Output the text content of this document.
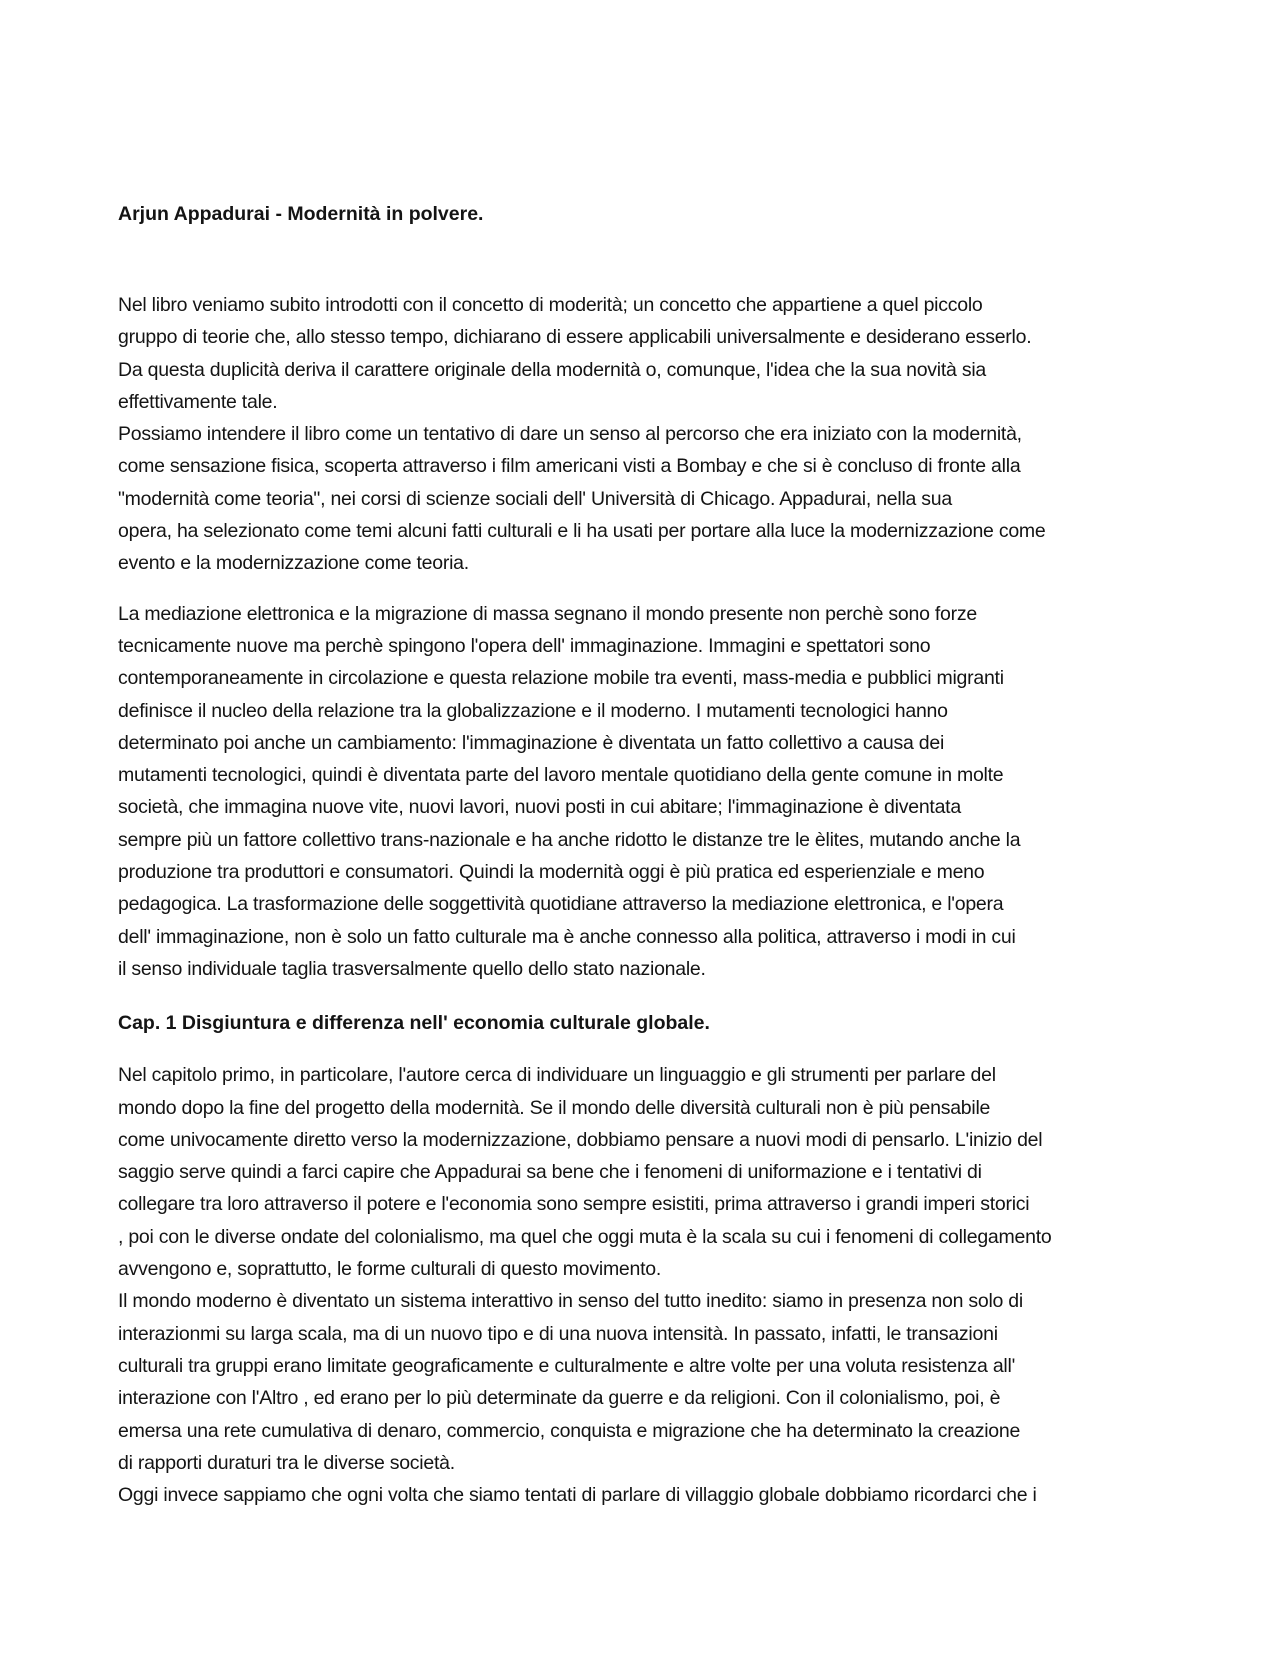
Arjun Appadurai - Modernità in polvere.

Nel libro veniamo subito introdotti con il concetto di moderità; un concetto che appartiene a quel piccolo
gruppo di teorie che, allo stesso tempo, dichiarano di essere applicabili universalmente e desiderano esserlo.
Da questa duplicità deriva il carattere originale della modernità o, comunque, l'idea che la sua novità sia
effettivamente tale.
Possiamo intendere il libro come un tentativo di dare un senso al percorso che era iniziato con la modernità,
come sensazione fisica, scoperta attraverso i film americani visti a Bombay e che si è concluso di fronte alla
"modernità come teoria", nei corsi di scienze sociali dell' Università di Chicago. Appadurai, nella sua
opera, ha selezionato come temi alcuni fatti culturali e li ha usati per portare alla luce la modernizzazione come
evento e la modernizzazione come teoria.

La mediazione elettronica e la migrazione di massa segnano il mondo presente non perchè sono forze
tecnicamente nuove ma perchè spingono l'opera dell' immaginazione. Immagini e spettatori sono
contemporaneamente in circolazione e questa relazione mobile tra eventi, mass-media e pubblici migranti
definisce il nucleo della relazione tra la globalizzazione e il moderno. I mutamenti tecnologici hanno
determinato poi anche un cambiamento: l'immaginazione è diventata un fatto collettivo a causa dei
mutamenti tecnologici, quindi è diventata parte del lavoro mentale quotidiano della gente comune in molte
società, che immagina nuove vite, nuovi lavori, nuovi posti in cui abitare; l'immaginazione è diventata
sempre più un fattore collettivo trans-nazionale e ha anche ridotto le distanze tre le èlites, mutando anche la
produzione tra produttori e consumatori. Quindi la modernità oggi è più pratica ed esperienziale e meno
pedagogica. La trasformazione delle soggettività quotidiane attraverso la mediazione elettronica, e l'opera
dell' immaginazione, non è solo un fatto culturale ma è anche connesso alla politica, attraverso i modi in cui
il senso individuale taglia trasversalmente quello dello stato nazionale.

Cap. 1 Disgiuntura e differenza nell' economia culturale globale.

Nel capitolo primo, in particolare, l'autore cerca di individuare un linguaggio e gli strumenti per parlare del
mondo dopo la fine del progetto della modernità. Se il mondo delle diversità culturali non è più pensabile
come univocamente diretto verso la modernizzazione, dobbiamo pensare a nuovi modi di pensarlo. L'inizio del
saggio serve quindi a farci capire che Appadurai sa bene che i fenomeni di uniformazione e i tentativi di
collegare tra loro attraverso il potere e l'economia sono sempre esistiti, prima attraverso i grandi imperi storici
, poi con le diverse ondate del colonialismo, ma quel che oggi muta è la scala su cui i fenomeni di collegamento
avvengono e, soprattutto, le forme culturali di questo movimento.
Il mondo moderno è diventato un sistema interattivo in senso del tutto inedito: siamo in presenza non solo di
interazionmi su larga scala, ma di un nuovo tipo e di una nuova intensità. In passato, infatti, le transazioni
culturali tra gruppi erano limitate geograficamente e culturalmente e altre volte per una voluta resistenza all'
interazione con l'Altro , ed erano per lo più determinate da guerre e da religioni. Con il colonialismo, poi, è
emersa una rete cumulativa di denaro, commercio, conquista e migrazione che ha determinato la creazione
di rapporti duraturi tra le diverse società.
Oggi invece sappiamo che ogni volta che siamo tentati di parlare di villaggio globale dobbiamo ricordarci che i
